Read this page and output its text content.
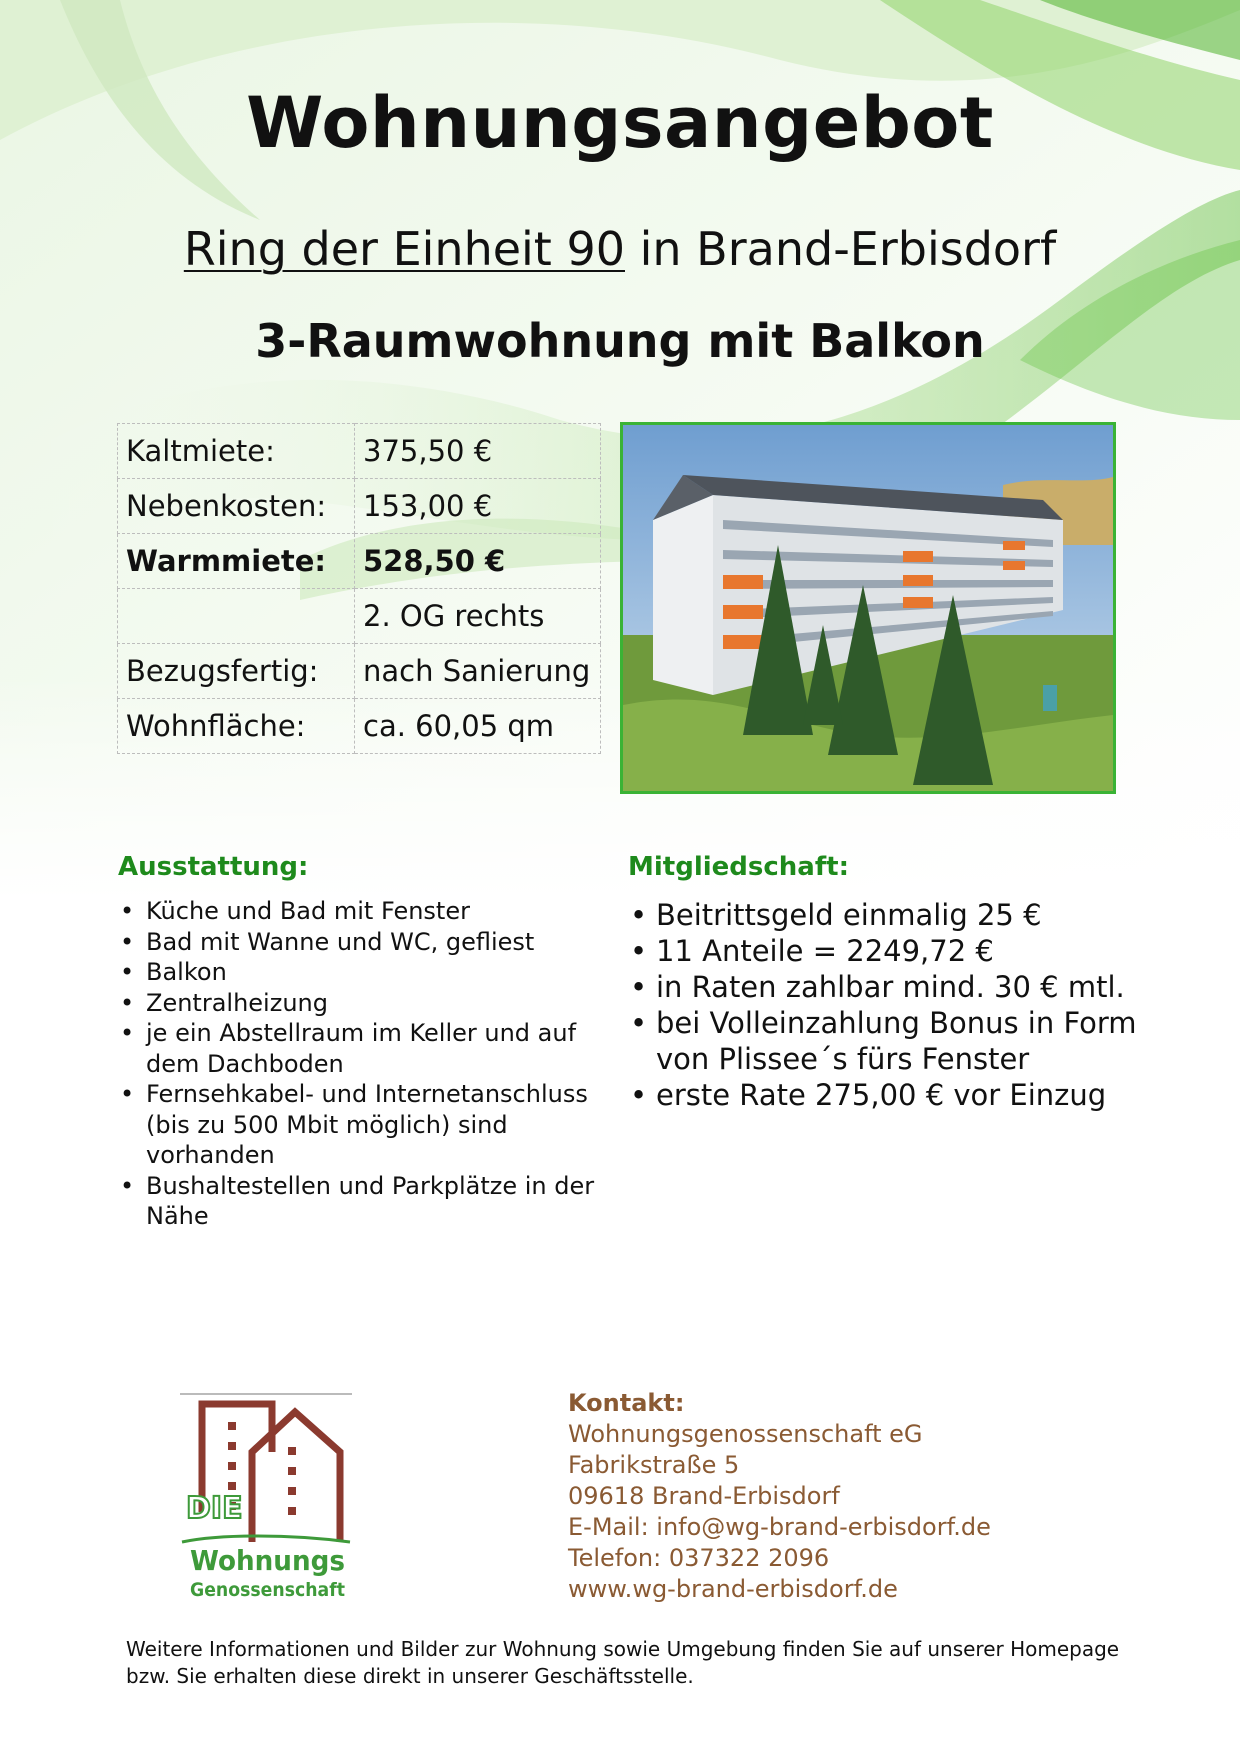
Wohnungsangebot
Ring der Einheit 90 in Brand-Erbisdorf
3-Raumwohnung mit Balkon
Kaltmiete:	375,50 €
Nebenkosten:	153,00 €
Warmmiete:	528,50 €
	2. OG rechts
Bezugsfertig:	nach Sanierung
Wohnfläche:	ca. 60,05 qm
Ausstattung:
• Küche und Bad mit Fenster
• Bad mit Wanne und WC, gefliest
• Balkon
• Zentralheizung
• je ein Abstellraum im Keller und auf dem Dachboden
• Fernsehkabel- und Internetanschluss (bis zu 500 Mbit möglich) sind vorhanden
• Bushaltestellen und Parkplätze in der Nähe
Mitgliedschaft:
• Beitrittsgeld einmalig 25 €
• 11 Anteile = 2249,72 €
• in Raten zahlbar mind. 30 € mtl.
• bei Volleinzahlung Bonus in Form von Plissee´s fürs Fenster
• erste Rate 275,00 € vor Einzug
DIE
Wohnungs
Genossenschaft
Kontakt:
Wohnungsgenossenschaft eG
Fabrikstraße 5
09618 Brand-Erbisdorf
E-Mail: info@wg-brand-erbisdorf.de
Telefon: 037322 2096
www.wg-brand-erbisdorf.de
Weitere Informationen und Bilder zur Wohnung sowie Umgebung finden Sie auf unserer Homepage
bzw. Sie erhalten diese direkt in unserer Geschäftsstelle.
